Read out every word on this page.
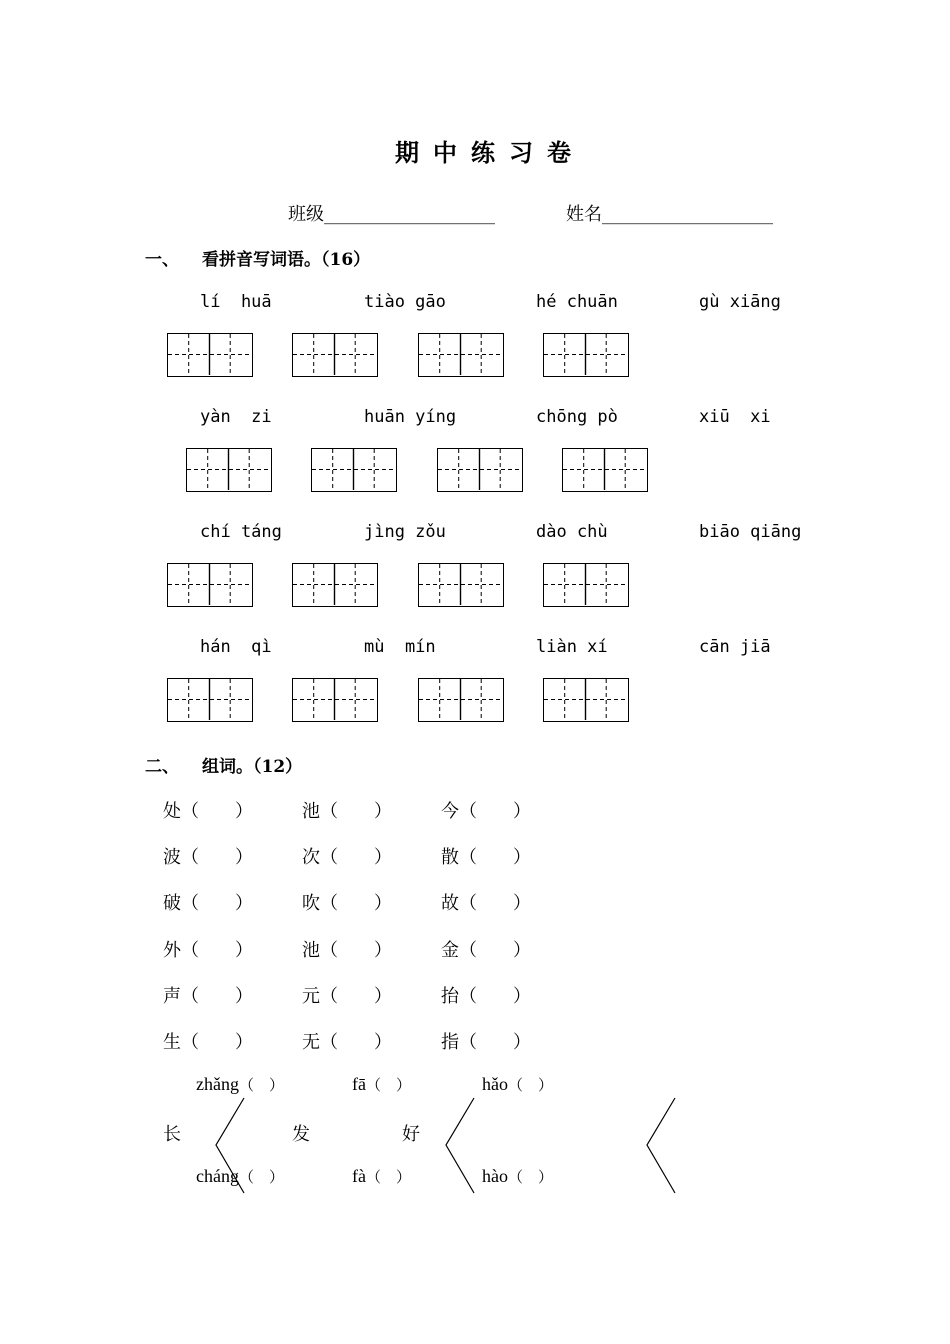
期中练习卷
班级___________________	姓名___________________
一、 看拼音写词语。（16）
lí  huā	tiào gāo	hé chuān	gù xiāng
yàn  zi	huān yíng	chōng pò	xiū  xi
chí táng	jìng zǒu	dào chù	biāo qiāng
hán  qì	mù  mín	liàn xí	cān jiā
二、 组词。（12）
处（　　）	池（　　）	今（　　）
波（　　）	次（　　）	散（　　）
破（　　）	吹（　　）	故（　　）
外（　　）	池（　　）	金（　　）
声（　　）	元（　　）	抬（　　）
生（　　）	无（　　）	指（　　）
zhǎng（　）
长
cháng（　）
fā（　）
发
fà（　）
hǎo（　）
好
hào（　）
